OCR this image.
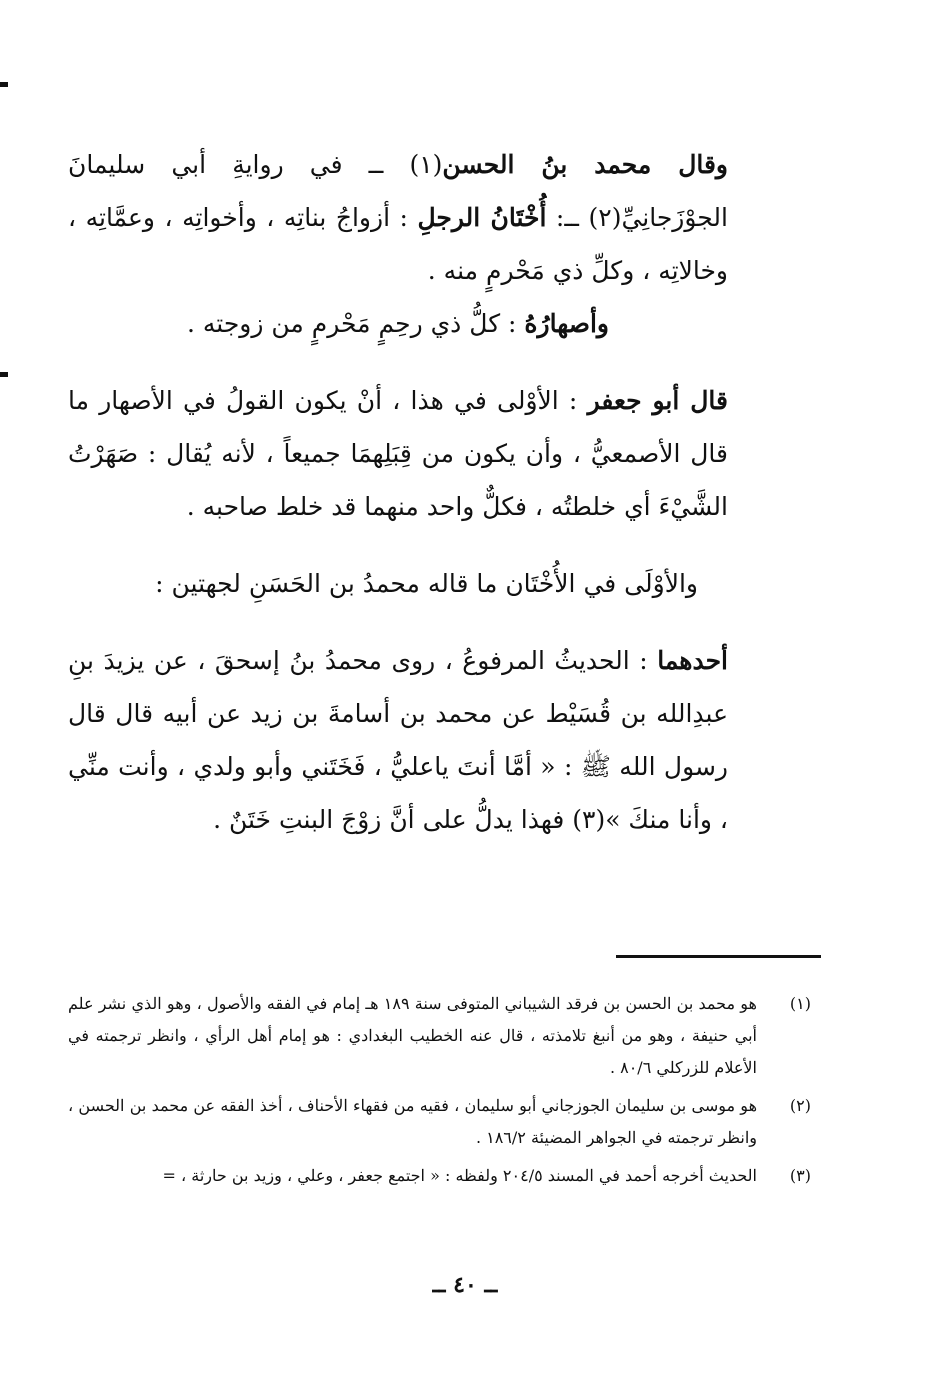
وقال محمد بنُ الحسن(١) ــ في روايةِ أبي سليمانَ الجوْزَجانِيِّ(٢) ــ: أُخْتَانُ الرجلِ : أزواجُ بناتِه ، وأخواتِه ، وعمَّاتِه ، وخالاتِه ، وكلِّ ذي مَحْرمٍ منه .

وأصهارُهُ : كلُّ ذي رحِمٍ مَحْرمٍ من زوجته .

قال أبو جعفر : الأوْلى في هذا ، أنْ يكون القولُ في الأصهار ما قال الأصمعيُّ ، وأن يكون من قِبَلِهمَا جميعاً ، لأنه يُقال : صَهَرْتُ الشَّيْءَ أي خلطتُه ، فكلٌّ واحد منهما قد خلط صاحبه .

والأوْلَى في الأُخْتَان ما قاله محمدُ بن الحَسَنِ لجهتين :

أحدهما : الحديثُ المرفوعُ ، روى محمدُ بنُ إسحقَ ، عن يزيدَ بنِ عبدِالله بن قُسَيْط عن محمد بن أسامةَ بن زيد عن أبيه قال قال رسول الله ﷺ : « أمَّا أنتَ ياعليُّ ، فَخَتَني وأبو ولدي ، وأنت منِّي ، وأنا منكَ »(٣) فهذا يدلُّ على أنَّ زوْجَ البنتِ خَتَنٌ .

(١)
هو محمد بن الحسن بن فرقد الشيباني المتوفى سنة ١٨٩ هـ إمام في الفقه والأصول ، وهو الذي نشر علم أبي حنيفة ، وهو من أنبغ تلامذته ، قال عنه الخطيب البغدادي : هو إمام أهل الرأي ، وانظر ترجمته في الأعلام للزركلي ٨٠/٦ .
(٢)
هو موسى بن سليمان الجوزجاني أبو سليمان ، فقيه من فقهاء الأحناف ، أخذ الفقه عن محمد بن الحسن ، وانظر ترجمته في الجواهر المضيئة ١٨٦/٢ .
(٣)
الحديث أخرجه أحمد في المسند ٢٠٤/٥ ولفظه : « اجتمع جعفر ، وعلي ، وزيد بن حارثة ، =
ــ ٤٠ ــ
